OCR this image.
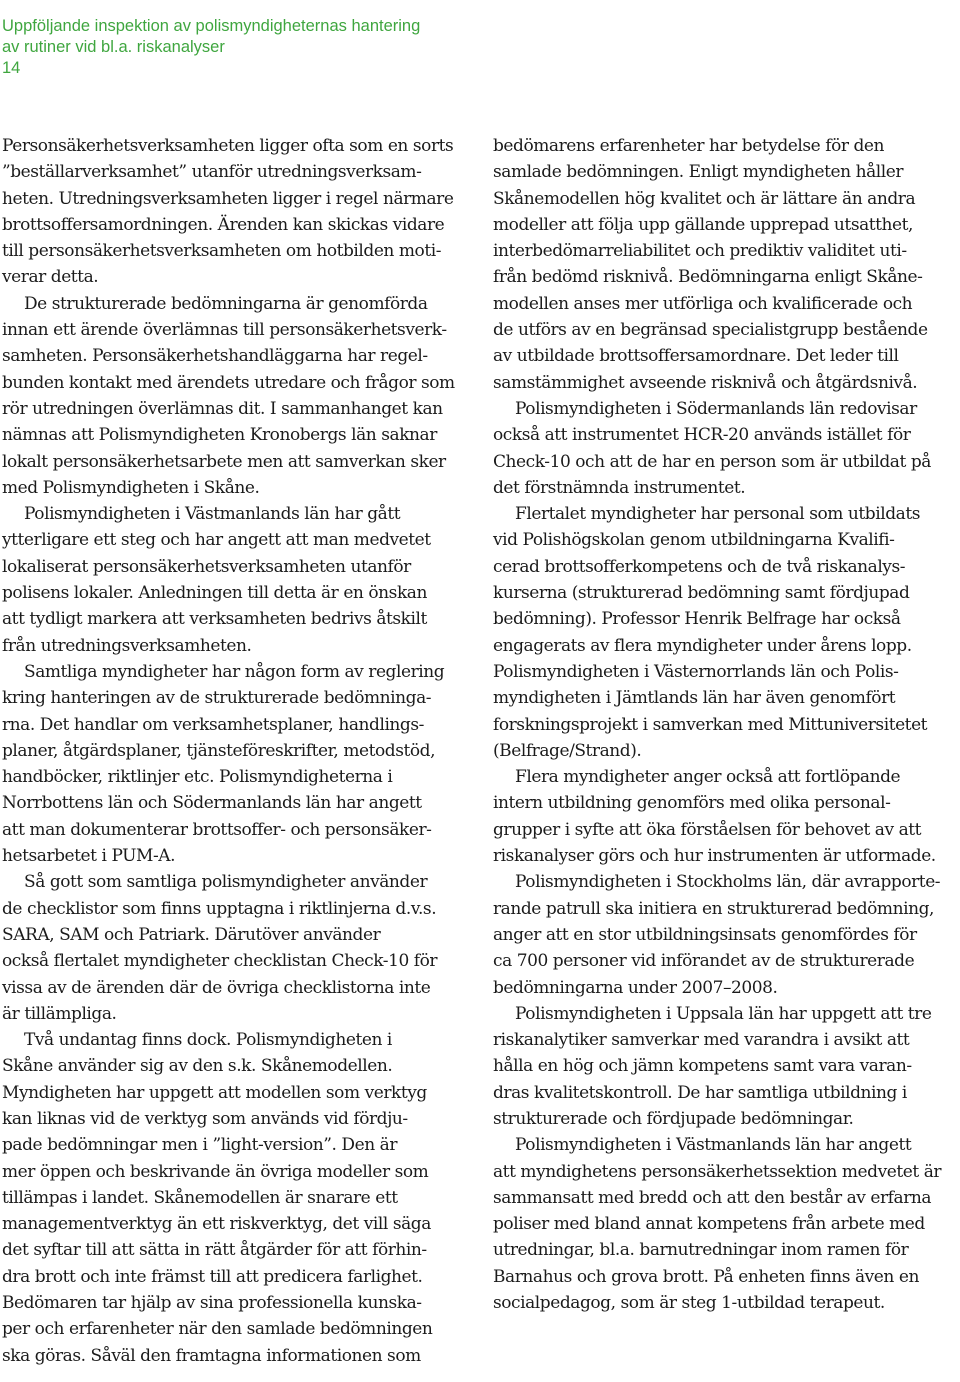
Uppföljande inspektion av polismyndigheternas hantering
av rutiner vid bl.a. riskanalyser
14
Personsäkerhetsverksamheten ligger ofta som en sorts
”beställarverksamhet” utanför utredningsverksam-
heten. Utredningsverksamheten ligger i regel närmare
brottsoffersamordningen. Ärenden kan skickas vidare
till personsäkerhetsverksamheten om hotbilden moti-
verar detta.
De strukturerade bedömningarna är genomförda
innan ett ärende överlämnas till personsäkerhetsverk-
samheten. Personsäkerhetshandläggarna har regel-
bunden kontakt med ärendets utredare och frågor som
rör utredningen överlämnas dit. I sammanhanget kan
nämnas att Polismyndigheten Kronobergs län saknar
lokalt personsäkerhetsarbete men att samverkan sker
med Polismyndigheten i Skåne.
Polismyndigheten i Västmanlands län har gått
ytterligare ett steg och har angett att man medvetet
lokaliserat personsäkerhetsverksamheten utanför
polisens lokaler. Anledningen till detta är en önskan
att tydligt markera att verksamheten bedrivs åtskilt
från utredningsverksamheten.
Samtliga myndigheter har någon form av reglering
kring hanteringen av de strukturerade bedömninga-
rna. Det handlar om verksamhetsplaner, handlings-
planer, åtgärdsplaner, tjänsteföreskrifter, metodstöd,
handböcker, riktlinjer etc. Polismyndigheterna i
Norrbottens län och Södermanlands län har angett
att man dokumenterar brottsoffer- och personsäker-
hetsarbetet i PUM-A.
Så gott som samtliga polismyndigheter använder
de checklistor som finns upptagna i riktlinjerna d.v.s.
SARA, SAM och Patriark. Därutöver använder
också flertalet myndigheter checklistan Check-10 för
vissa av de ärenden där de övriga checklistorna inte
är tillämpliga.
Två undantag finns dock. Polismyndigheten i
Skåne använder sig av den s.k. Skånemodellen.
Myndigheten har uppgett att modellen som verktyg
kan liknas vid de verktyg som används vid fördju-
pade bedömningar men i ”light-version”. Den är
mer öppen och beskrivande än övriga modeller som
tillämpas i landet. Skånemodellen är snarare ett
managementverktyg än ett riskverktyg, det vill säga
det syftar till att sätta in rätt åtgärder för att förhin-
dra brott och inte främst till att predicera farlighet.
Bedömaren tar hjälp av sina professionella kunska-
per och erfarenheter när den samlade bedömningen
ska göras. Såväl den framtagna informationen som
bedömarens erfarenheter har betydelse för den
samlade bedömningen. Enligt myndigheten håller
Skånemodellen hög kvalitet och är lättare än andra
modeller att följa upp gällande upprepad utsatthet,
interbedömarreliabilitet och prediktiv validitet uti-
från bedömd risknivå. Bedömningarna enligt Skåne-
modellen anses mer utförliga och kvalificerade och
de utförs av en begränsad specialistgrupp bestående
av utbildade brottsoffersamordnare. Det leder till
samstämmighet avseende risknivå och åtgärdsnivå.
Polismyndigheten i Södermanlands län redovisar
också att instrumentet HCR-20 används istället för
Check-10 och att de har en person som är utbildat på
det förstnämnda instrumentet.
Flertalet myndigheter har personal som utbildats
vid Polishögskolan genom utbildningarna Kvalifi-
cerad brottsofferkompetens och de två riskanalys-
kurserna (strukturerad bedömning samt fördjupad
bedömning). Professor Henrik Belfrage har också
engagerats av flera myndigheter under årens lopp.
Polismyndigheten i Västernorrlands län och Polis-
myndigheten i Jämtlands län har även genomfört
forskningsprojekt i samverkan med Mittuniversitetet
(Belfrage/Strand).
Flera myndigheter anger också att fortlöpande
intern utbildning genomförs med olika personal-
grupper i syfte att öka förståelsen för behovet av att
riskanalyser görs och hur instrumenten är utformade.
Polismyndigheten i Stockholms län, där avrapporte-
rande patrull ska initiera en strukturerad bedömning,
anger att en stor utbildningsinsats genomfördes för
ca 700 personer vid införandet av de strukturerade
bedömningarna under 2007–2008.
Polismyndigheten i Uppsala län har uppgett att tre
riskanalytiker samverkar med varandra i avsikt att
hålla en hög och jämn kompetens samt vara varan-
dras kvalitetskontroll. De har samtliga utbildning i
strukturerade och fördjupade bedömningar.
Polismyndigheten i Västmanlands län har angett
att myndighetens personsäkerhetssektion medvetet är
sammansatt med bredd och att den består av erfarna
poliser med bland annat kompetens från arbete med
utredningar, bl.a. barnutredningar inom ramen för
Barnahus och grova brott. På enheten finns även en
socialpedagog, som är steg 1-utbildad terapeut.
